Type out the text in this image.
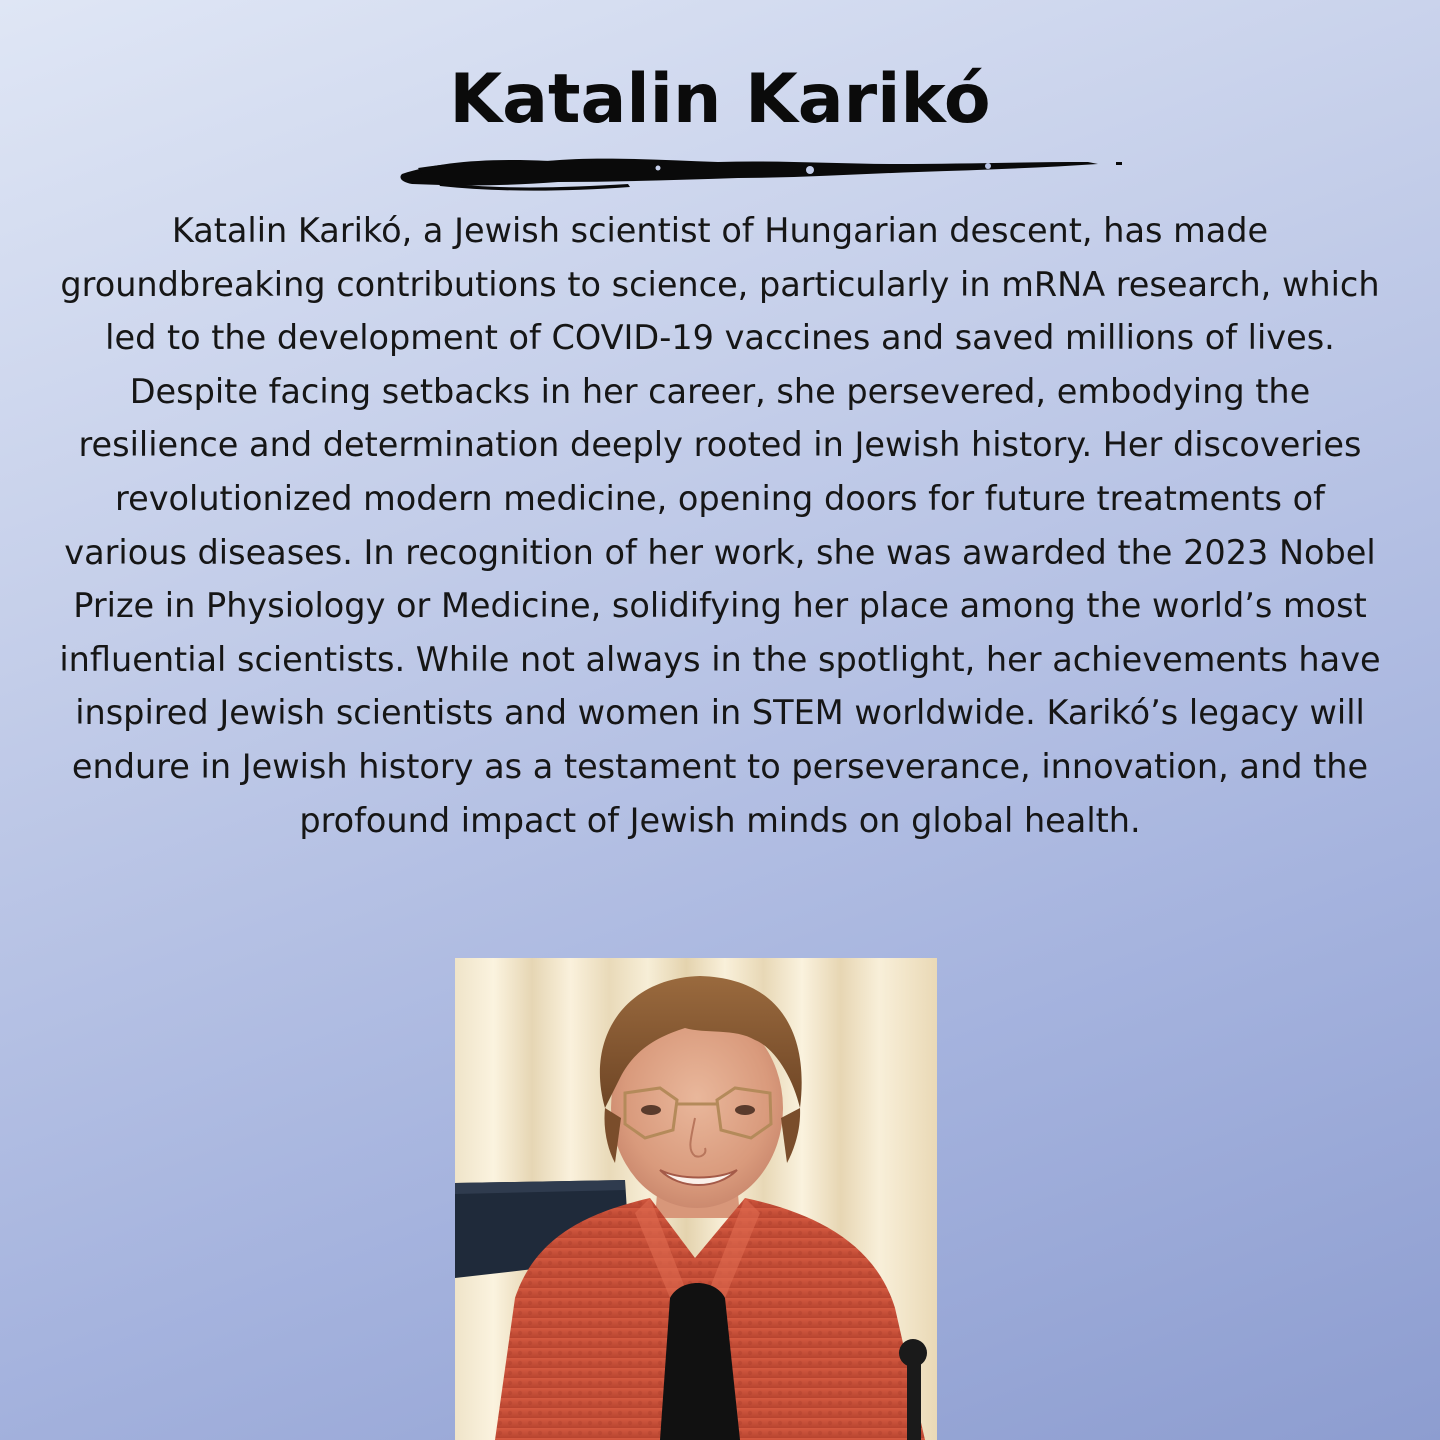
Katalin Karikó

Katalin Karikó, a Jewish scientist of Hungarian descent, has made groundbreaking contributions to science, particularly in mRNA research, which led to the development of COVID-19 vaccines and saved millions of lives. Despite facing setbacks in her career, she persevered, embodying the resilience and determination deeply rooted in Jewish history. Her discoveries revolutionized modern medicine, opening doors for future treatments of various diseases. In recognition of her work, she was awarded the 2023 Nobel Prize in Physiology or Medicine, solidifying her place among the world’s most influential scientists. While not always in the spotlight, her achievements have inspired Jewish scientists and women in STEM worldwide. Karikó’s legacy will endure in Jewish history as a testament to perseverance, innovation, and the profound impact of Jewish minds on global health.
